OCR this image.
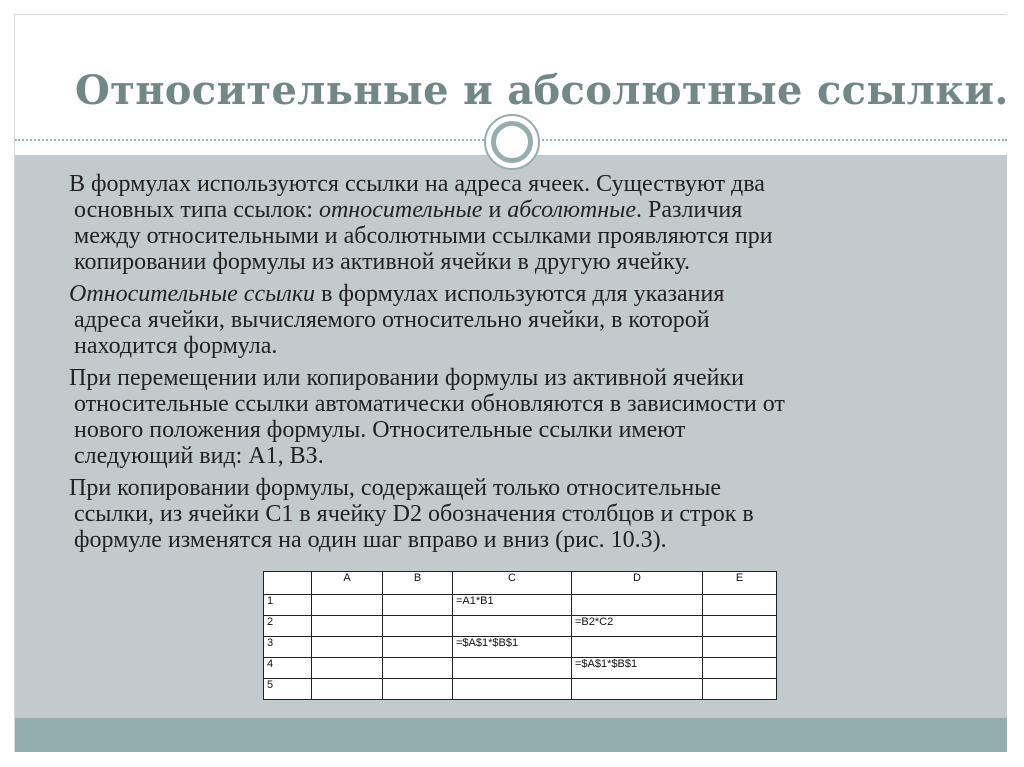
Относительные и абсолютные ссылки.
В формулах используются ссылки на адреса ячеек. Существуют два
основных типа ссылок: относительные и абсолютные. Различия
между относительными и абсолютными ссылками проявляются при
копировании формулы из активной ячейки в другую ячейку.
Относительные ссылки в формулах используются для указания
адреса ячейки, вычисляемого относительно ячейки, в которой
находится формула.
При перемещении или копировании формулы из активной ячейки
относительные ссылки автоматически обновляются в зависимости от
нового положения формулы. Относительные ссылки имеют
следующий вид: А1, ВЗ.
При копировании формулы, содержащей только относительные
ссылки, из ячейки С1 в ячейку D2 обозначения столбцов и строк в
формуле изменятся на один шаг вправо и вниз (рис. 10.3).
	A	B	C	D	E
1			=A1*B1		
2				=B2*C2	
3			=$A$1*$B$1		
4				=$A$1*$B$1	
5					
